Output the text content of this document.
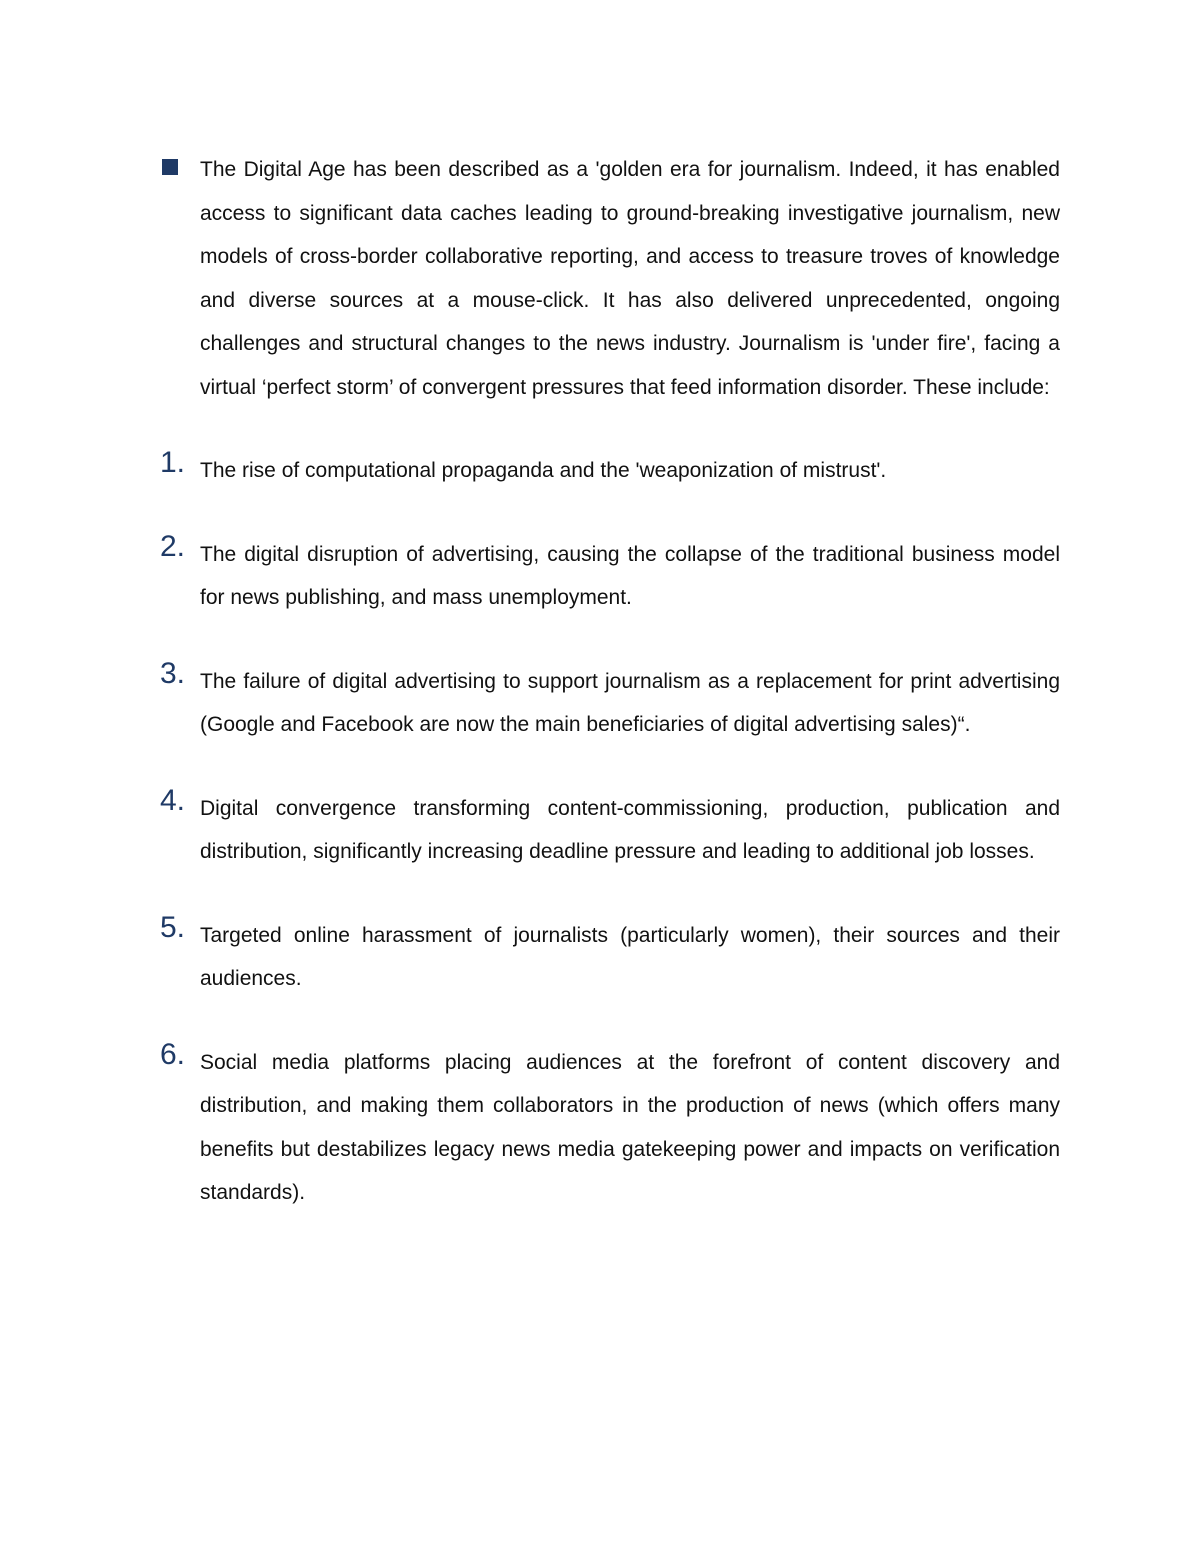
The Digital Age has been described as a 'golden era for journalism. Indeed, it has enabled access to significant data caches leading to ground-breaking investigative journalism, new models of cross-border collaborative reporting, and access to treasure troves of knowledge and diverse sources at a mouse-click. It has also delivered unprecedented, ongoing challenges and structural changes to the news industry. Journalism is 'under fire', facing a virtual ‘perfect storm’ of convergent pressures that feed information disorder. These include:

1. The rise of computational propaganda and the 'weaponization of mistrust'.

2. The digital disruption of advertising, causing the collapse of the traditional business model for news publishing, and mass unemployment.

3. The failure of digital advertising to support journalism as a replacement for print advertising (Google and Facebook are now the main beneficiaries of digital advertising sales)“.

4. Digital convergence transforming content-commissioning, production, publication and distribution, significantly increasing deadline pressure and leading to additional job losses.

5. Targeted online harassment of journalists (particularly women), their sources and their audiences.

6. Social media platforms placing audiences at the forefront of content discovery and distribution, and making them collaborators in the production of news (which offers many benefits but destabilizes legacy news media gatekeeping power and impacts on verification standards).
